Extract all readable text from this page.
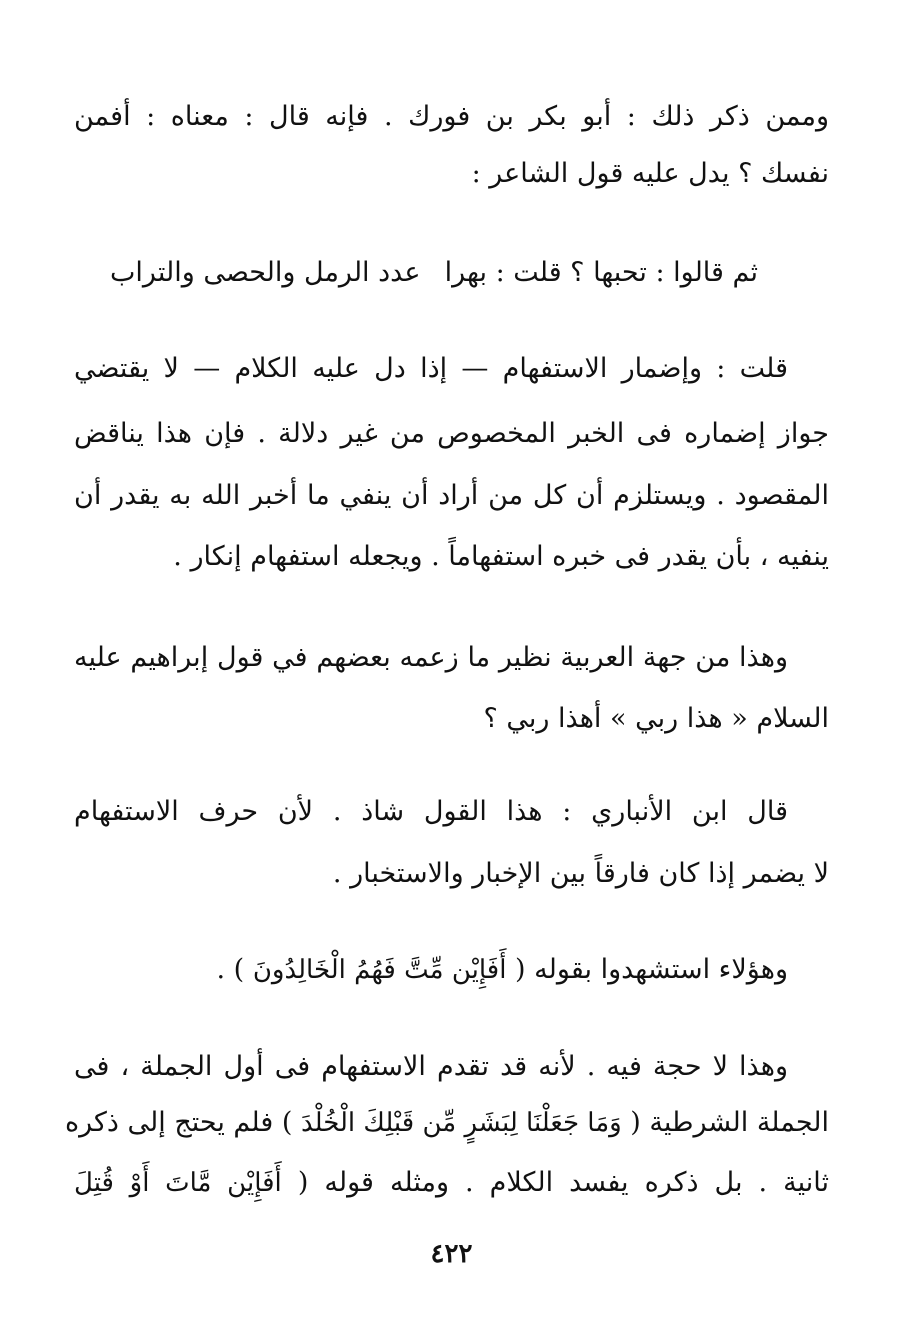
وممن ذكر ذلك : أبو بكر بن فورك . فإنه قال : معناه : أفمن
نفسك ؟ يدل عليه قول الشاعر :
ثم قالوا : تحبها ؟ قلت : بهرا
عدد الرمل والحصى والتراب
قلت : وإضمار الاستفهام — إذا دل عليه الكلام — لا يقتضي
جواز إضماره فى الخبر المخصوص من غير دلالة . فإن هذا يناقض
المقصود . ويستلزم أن كل من أراد أن ينفي ما أخبر الله به يقدر أن
ينفيه ، بأن يقدر فى خبره استفهاماً . ويجعله استفهام إنكار .
وهذا من جهة العربية نظير ما زعمه بعضهم في قول إبراهيم عليه
السلام « هذا ربي » أهذا ربي ؟
قال ابن الأنباري : هذا القول شاذ . لأن حرف الاستفهام
لا يضمر إذا كان فارقاً بين الإخبار والاستخبار .
وهؤلاء استشهدوا بقوله ( أَفَإِيْن مِّتَّ فَهُمُ الْخَالِدُونَ ) .
وهذا لا حجة فيه . لأنه قد تقدم الاستفهام فى أول الجملة ، فى
الجملة الشرطية ( وَمَا جَعَلْنَا لِبَشَرٍ مِّن قَبْلِكَ الْخُلْدَ ) فلم يحتج إلى ذكره
ثانية . بل ذكره يفسد الكلام . ومثله قوله ( أَفَإِيْن مَّاتَ أَوْ قُتِلَ
٤٢٢
